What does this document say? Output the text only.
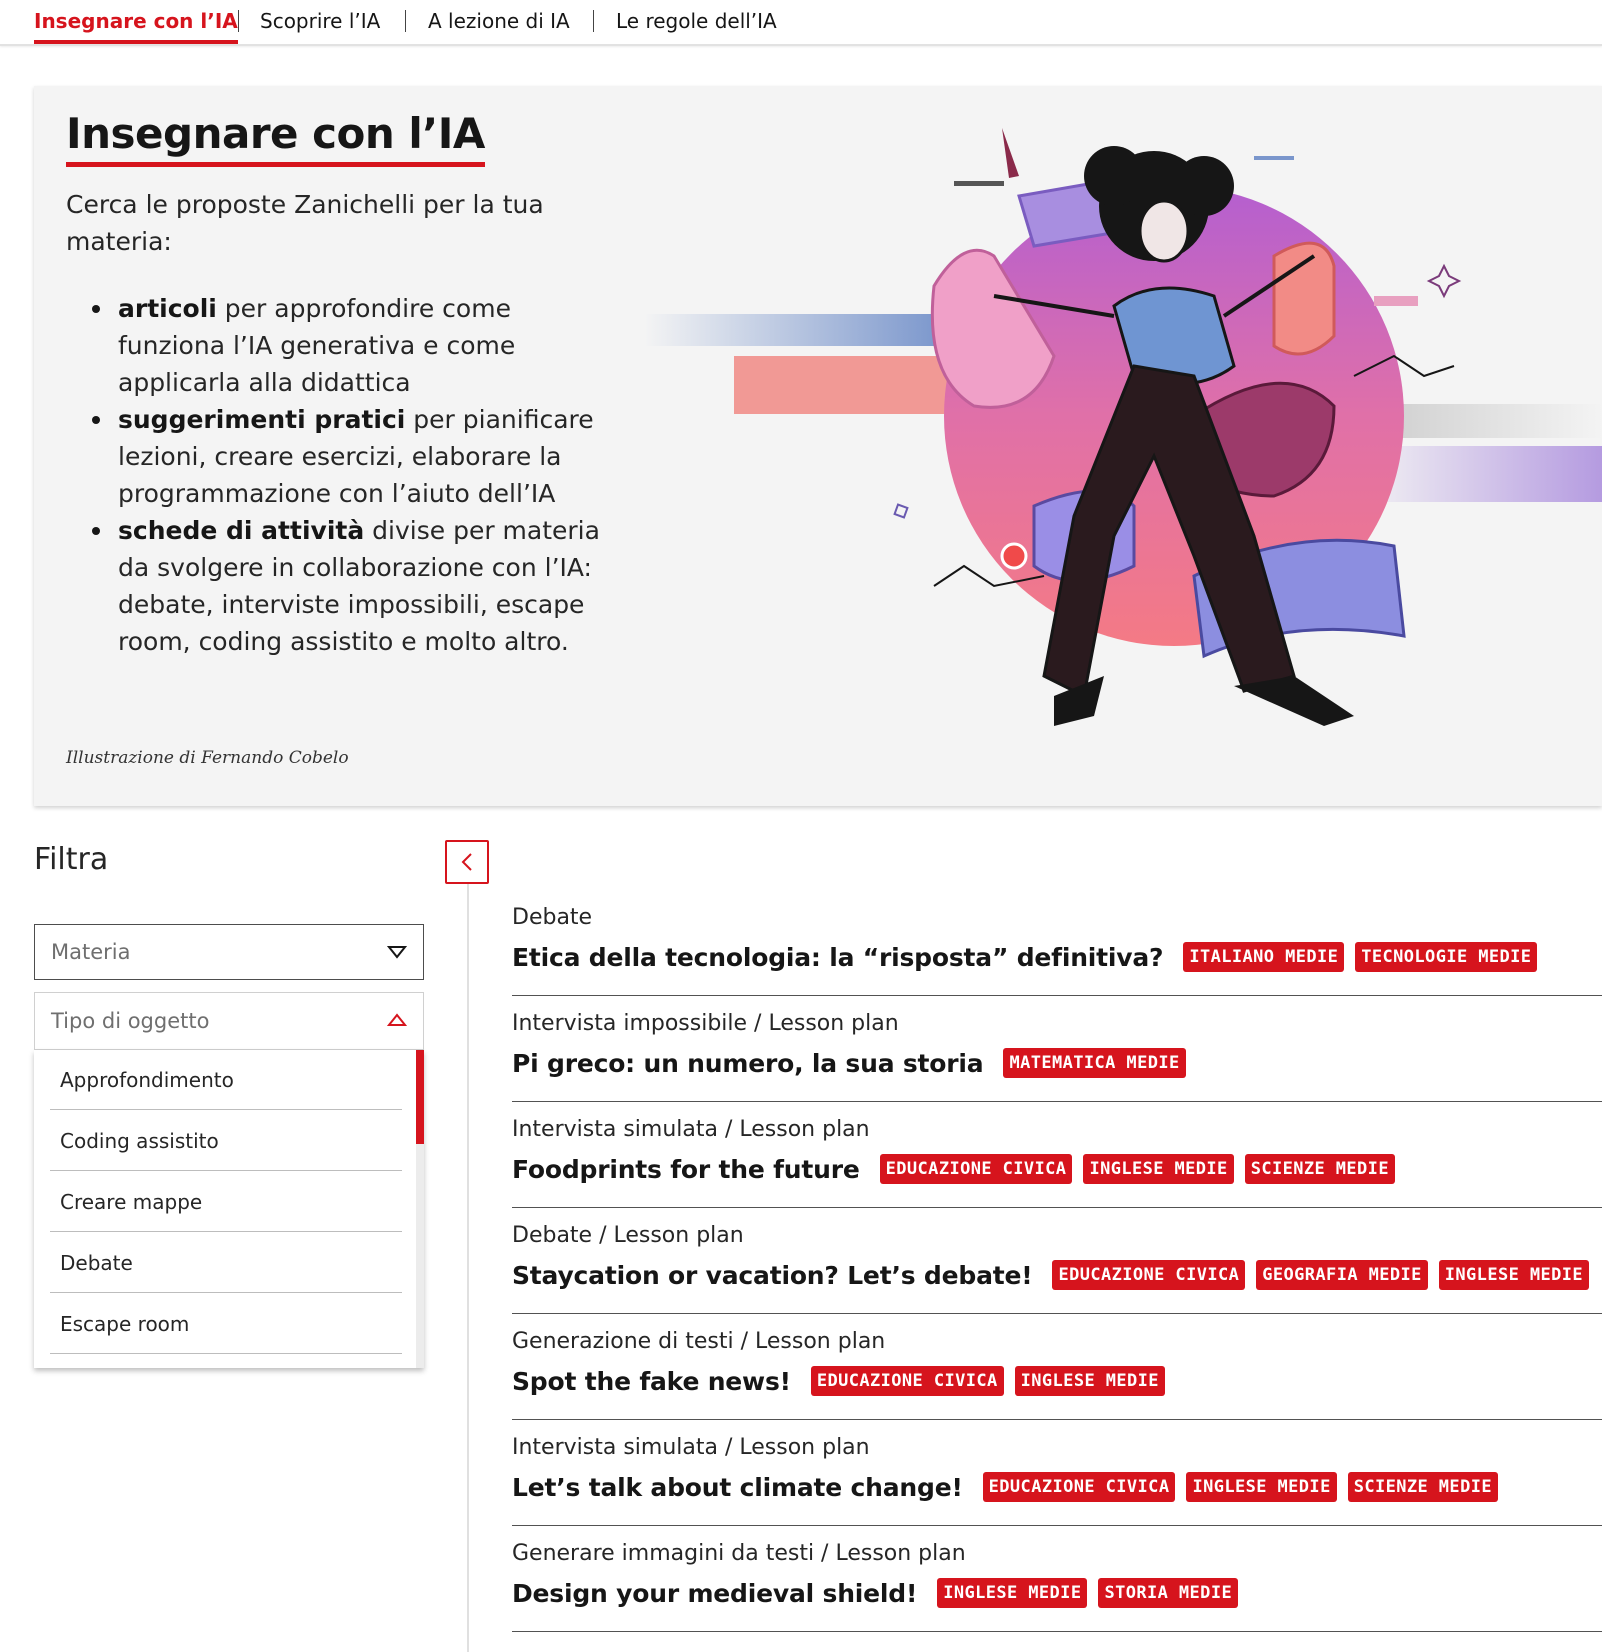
Insegnare con l’IA Scoprire l’IA A lezione di IA Le regole dell’IA
Insegnare con l’IA

Cerca le proposte Zanichelli per la tua materia:

articoli per approfondire come funziona l’IA generativa e come applicarla alla didattica
suggerimenti pratici per pianificare lezioni, creare esercizi, elaborare la programmazione con l’aiuto dell’IA
schede di attività divise per materia da svolgere in collaborazione con l’IA: debate, interviste impossibili, escape room, coding assistito e molto altro.
Illustrazione di Fernando Cobelo
Filtra
Materia
Tipo di oggetto
Approfondimento
Coding assistito
Creare mappe
Debate
Escape room
Debate
Etica della tecnologia: la “risposta” definitiva?	ITALIANO MEDIE	TECNOLOGIE MEDIE
Intervista impossibile / Lesson plan
Pi greco: un numero, la sua storia	MATEMATICA MEDIE
Intervista simulata / Lesson plan
Foodprints for the future	EDUCAZIONE CIVICA	INGLESE MEDIE	SCIENZE MEDIE
Debate / Lesson plan
Staycation or vacation? Let’s debate!	EDUCAZIONE CIVICA	GEOGRAFIA MEDIE	INGLESE MEDIE
Generazione di testi / Lesson plan
Spot the fake news!	EDUCAZIONE CIVICA	INGLESE MEDIE
Intervista simulata / Lesson plan
Let’s talk about climate change!	EDUCAZIONE CIVICA	INGLESE MEDIE	SCIENZE MEDIE
Generare immagini da testi / Lesson plan
Design your medieval shield!	INGLESE MEDIE	STORIA MEDIE
